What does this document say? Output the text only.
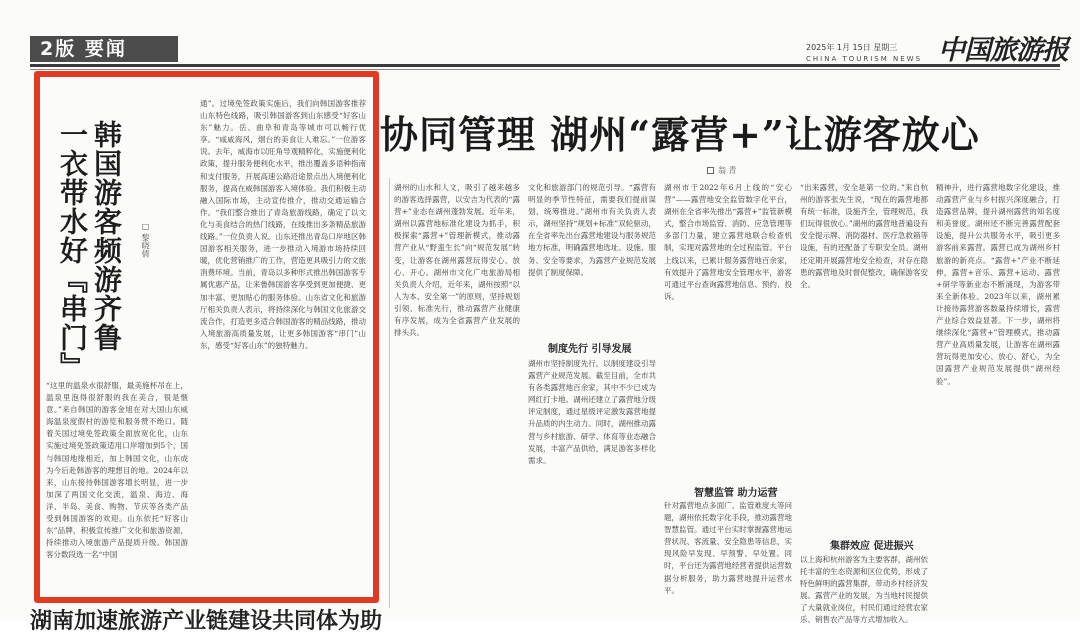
2版 要闻	2025年 1月 15日 星期三
CHINA TOURISM NEWS 中国旅游报
协同管理 湖州“露营+”让游客放心
翁 青
韩国游客频游齐鲁
一衣带水好『串门』	□ 黎晓倩
“这里的温泉水很舒服，最美施杯吊在上，温泉里泡得很舒服的我在美合，很是惬意。”来自韩国的游客金旭在对大国山东威海温泉度假村的游览和服务赞不绝口。随着关国过境免签政策全面放宽化化，山东实施过境免签政策适用口岸增加到5个，国与韩国地缘相近，加上韩国文化，山东成为今后赴韩游客的理想目的地。2024年以来，山东接待韩国游客增长明显，进一步加深了两国文化交流，温泉、海边、海洋、半岛、美食、购物、节庆等各类产品受到韩国游客的欢迎。山东依托“好客山东”品牌，积极宣传推广文化和旅游资源，持续推动入境旅游产品提质升级。韩国游客分数段选一名“中国
通”。过境免签政策实施后，我们向韩国游客推荐山东特色线路，吸引韩国游客到山东感受“好客山东”魅力。岳、曲阜和青岛等城市可以畅行优享。“咸咸海风，烟台的美食让人难忘。”一位游客说。去年，威海市以旺角导观精粹化，实施便利化政策，提升服务便利化水平，推出覆盖多语种指南和支付服务，开展高速公路沿途景点出入境便利化服务，提高在威韩国游客入境体验。我们积极主动融入国际市场，主动宣传推介，推动交通运输合作。“我们整合推出了青岛旅游线路，确定了以文化与美食结合的热门线路，在线推出多条精品旅游线路。”一位负责人说。山东还推出青岛口岸地区韩国游客相关服务，进一步推动入境游市场持续回暖，优化营销推广的工作，营造更具吸引力的文旅消费环境。当前，青岛以多种形式推出韩国游客专属优惠产品，让来鲁韩国游客享受到更加便捷、更加丰富、更加贴心的服务体验。山东省文化和旅游厅相关负责人表示，将持续深化与韩国文化旅游交流合作，打造更多适合韩国游客的精品线路，推动入境旅游高质量发展，让更多韩国游客“串门”山东，感受“好客山东”的独特魅力。
湖州的山水和人文，吸引了越来越多的游客选择露营，以安吉为代表的“露营+”业态在湖州蓬勃发展。近年来，湖州以露营地标准化建设为抓手，积极探索“露营+”管理新模式，推动露营产业从“野蛮生长”向“规范发展”转变，让游客在湖州露营玩得安心、放心、开心。湖州市文化广电旅游局相关负责人介绍，近年来，湖州按照“以人为本、安全第一”的原则，坚持规划引领、标准先行，推动露营产业健康有序发展，成为全省露营产业发展的排头兵。
文化和旅游部门的规范引导。“露营有明显的季节性特征，需要我们提前谋划、统筹推进。”湖州市有关负责人表示，湖州坚持“规划+标准”双轮驱动，在全省率先出台露营地建设与服务规范地方标准，明确露营地选址、设施、服务、安全等要求，为露营产业规范发展提供了制度保障。
制度先行 引导发展
湖州市坚持制度先行，以制度建设引导露营产业规范发展。截至目前，全市共有各类露营地百余家，其中不少已成为网红打卡地。湖州还建立了露营地分级评定制度，通过星级评定激发露营地提升品质的内生动力。同时，湖州推动露营与乡村旅游、研学、体育等业态融合发展，丰富产品供给，满足游客多样化需求。
湖州市于2022年6月上线的“安心营”——露营地安全监管数字化平台，湖州在全省率先推出“露营+”监管新模式，整合市场监管、消防、应急管理等多部门力量，建立露营地联合检查机制，实现对露营地的全过程监管。平台上线以来，已累计服务露营地百余家，有效提升了露营地安全管理水平，游客可通过平台查询露营地信息、预约、投诉。
智慧监管 助力运营
针对露营地点多面广、监管难度大等问题，湖州依托数字化手段，推动露营地智慧监管。通过平台实时掌握露营地运营状况、客流量、安全隐患等信息，实现风险早发现、早预警、早处置。同时，平台还为露营地经营者提供运营数据分析服务，助力露营地提升运营水平。
“出来露营，安全是第一位的。”来自杭州的游客张先生说，“现在的露营地都有统一标准，设施齐全，管理规范，我们玩得很放心。”湖州的露营地普遍设有安全提示牌、消防器材、医疗急救箱等设施，有的还配备了专职安全员。湖州还定期开展露营地安全检查，对存在隐患的露营地及时督促整改，确保游客安全。
集群效应 促进振兴
以上海和杭州游客为主要客群，湖州依托丰富的生态资源和区位优势，形成了特色鲜明的露营集群，带动乡村经济发展。露营产业的发展，为当地村民提供了大量就业岗位，村民们通过经营农家乐、销售农产品等方式增加收入。
精神升，进行露营地数字化建设，推动露营产业与乡村振兴深度融合，打造露营品牌，提升湖州露营的知名度和美誉度。湖州还不断完善露营配套设施，提升公共服务水平，吸引更多游客前来露营。露营已成为湖州乡村旅游的新亮点。“露营+”产业不断延伸，露营+音乐、露营+运动、露营+研学等新业态不断涌现，为游客带来全新体验。2023年以来，湖州累计接待露营游客数量持续增长，露营产业综合效益显著。下一步，湖州将继续深化“露营+”管理模式，推动露营产业高质量发展，让游客在湖州露营玩得更加安心、放心、舒心，为全国露营产业规范发展提供“湖州经验”。
湖南加速旅游产业链建设共同体为助
